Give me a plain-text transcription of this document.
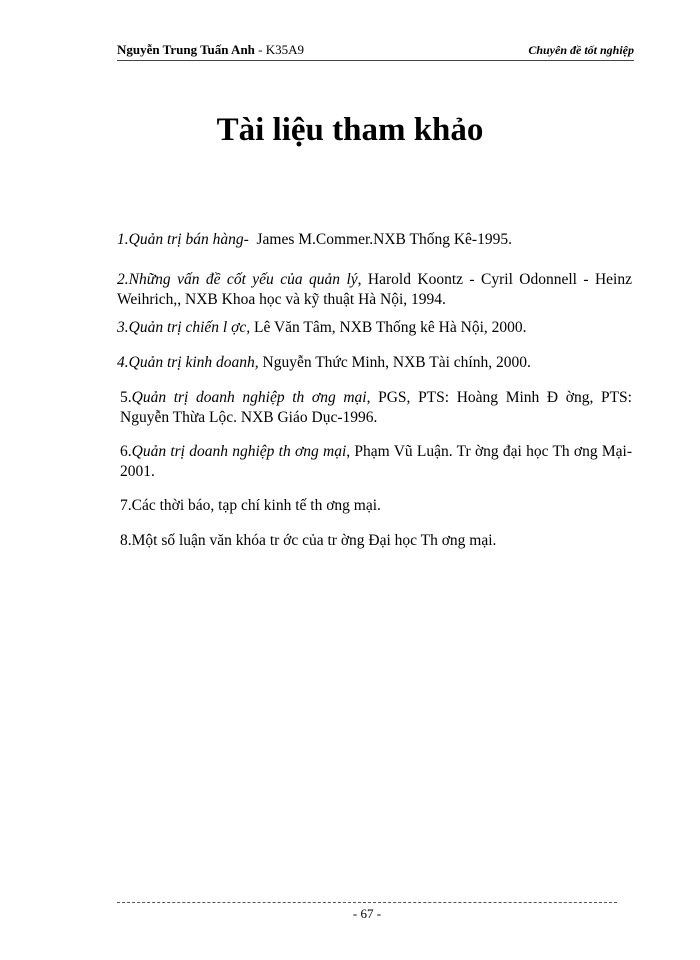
Nguyễn Trung Tuấn Anh - K35A9	Chuyên đề tốt nghiệp
Tài liệu tham khảo

1.Quản trị bán hàng-  James M.Commer.NXB Thống Kê-1995.

2.Những vấn đề cốt yếu của quản lý, Harold Koontz - Cyril Odonnell - Heinz Weihrich,, NXB Khoa học và kỹ thuật Hà Nội, 1994.

3.Quản trị chiến l ợc, Lê Văn Tâm, NXB Thống kê Hà Nội, 2000.

4.Quản trị kinh doanh, Nguyễn Thức Minh, NXB Tài chính, 2000.

5.Quản trị doanh nghiệp th ơng mại, PGS, PTS: Hoàng Minh Đ ờng, PTS: Nguyễn Thừa Lộc. NXB Giáo Dục-1996.

6.Quản trị doanh nghiệp th ơng mại, Phạm Vũ Luận. Tr ờng đại học Th ơng Mại-2001.

7.Các thời báo, tạp chí kinh tế th ơng mại.

8.Một số luận văn khóa tr ớc của tr ờng Đại học Th ơng mại.

- 67 -
